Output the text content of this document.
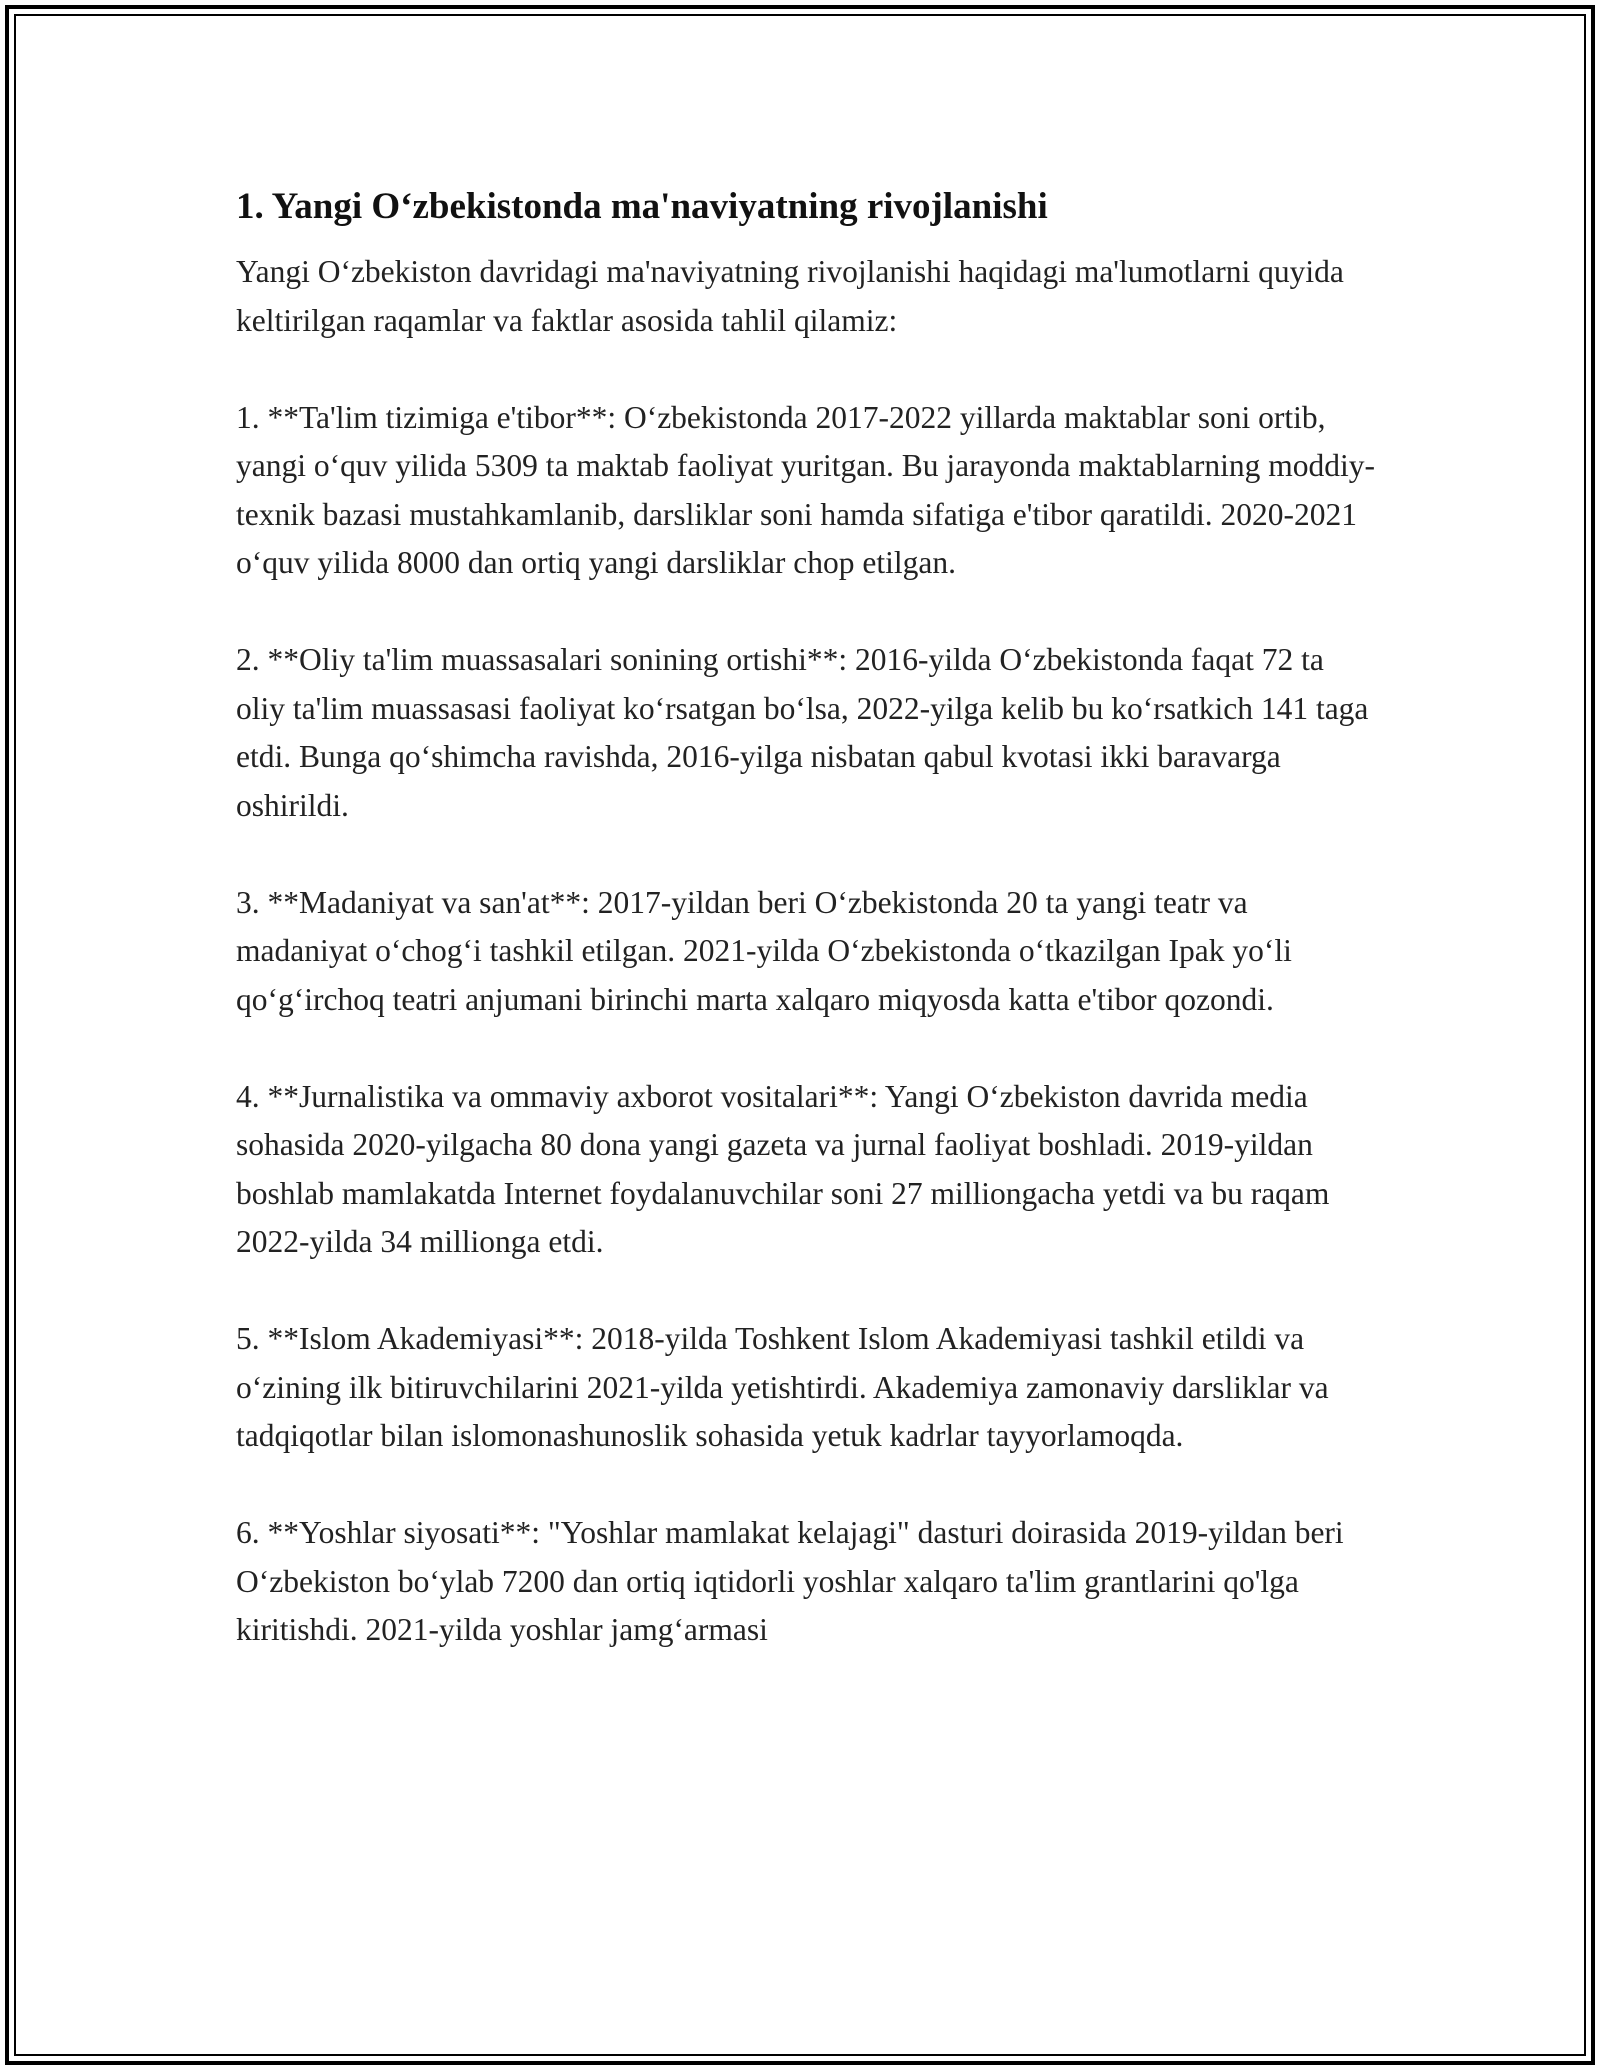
1. Yangi O‘zbekistonda ma'naviyatning rivojlanishi

Yangi O‘zbekiston davridagi ma'naviyatning rivojlanishi haqidagi ma'lumotlarni quyida keltirilgan raqamlar va faktlar asosida tahlil qilamiz:

1. **Ta'lim tizimiga e'tibor**: O‘zbekistonda 2017-2022 yillarda maktablar soni ortib, yangi o‘quv yilida 5309 ta maktab faoliyat yuritgan. Bu jarayonda maktablarning moddiy-texnik bazasi mustahkamlanib, darsliklar soni hamda sifatiga e'tibor qaratildi. 2020-2021 o‘quv yilida 8000 dan ortiq yangi darsliklar chop etilgan.

2. **Oliy ta'lim muassasalari sonining ortishi**: 2016-yilda O‘zbekistonda faqat 72 ta oliy ta'lim muassasasi faoliyat ko‘rsatgan bo‘lsa, 2022-yilga kelib bu ko‘rsatkich 141 taga etdi. Bunga qo‘shimcha ravishda, 2016-yilga nisbatan qabul kvotasi ikki baravarga oshirildi.

3. **Madaniyat va san'at**: 2017-yildan beri O‘zbekistonda 20 ta yangi teatr va madaniyat o‘chog‘i tashkil etilgan. 2021-yilda O‘zbekistonda o‘tkazilgan Ipak yo‘li qo‘g‘irchoq teatri anjumani birinchi marta xalqaro miqyosda katta e'tibor qozondi.

4. **Jurnalistika va ommaviy axborot vositalari**: Yangi O‘zbekiston davrida media sohasida 2020-yilgacha 80 dona yangi gazeta va jurnal faoliyat boshladi. 2019-yildan boshlab mamlakatda Internet foydalanuvchilar soni 27 milliongacha yetdi va bu raqam 2022-yilda 34 millionga etdi.

5. **Islom Akademiyasi**: 2018-yilda Toshkent Islom Akademiyasi tashkil etildi va o‘zining ilk bitiruvchilarini 2021-yilda yetishtirdi. Akademiya zamonaviy darsliklar va tadqiqotlar bilan islomonashunoslik sohasida yetuk kadrlar tayyorlamoqda.

6. **Yoshlar siyosati**: "Yoshlar mamlakat kelajagi" dasturi doirasida 2019-yildan beri O‘zbekiston bo‘ylab 7200 dan ortiq iqtidorli yoshlar xalqaro ta'lim grantlarini qo'lga kiritishdi. 2021-yilda yoshlar jamg‘armasi
